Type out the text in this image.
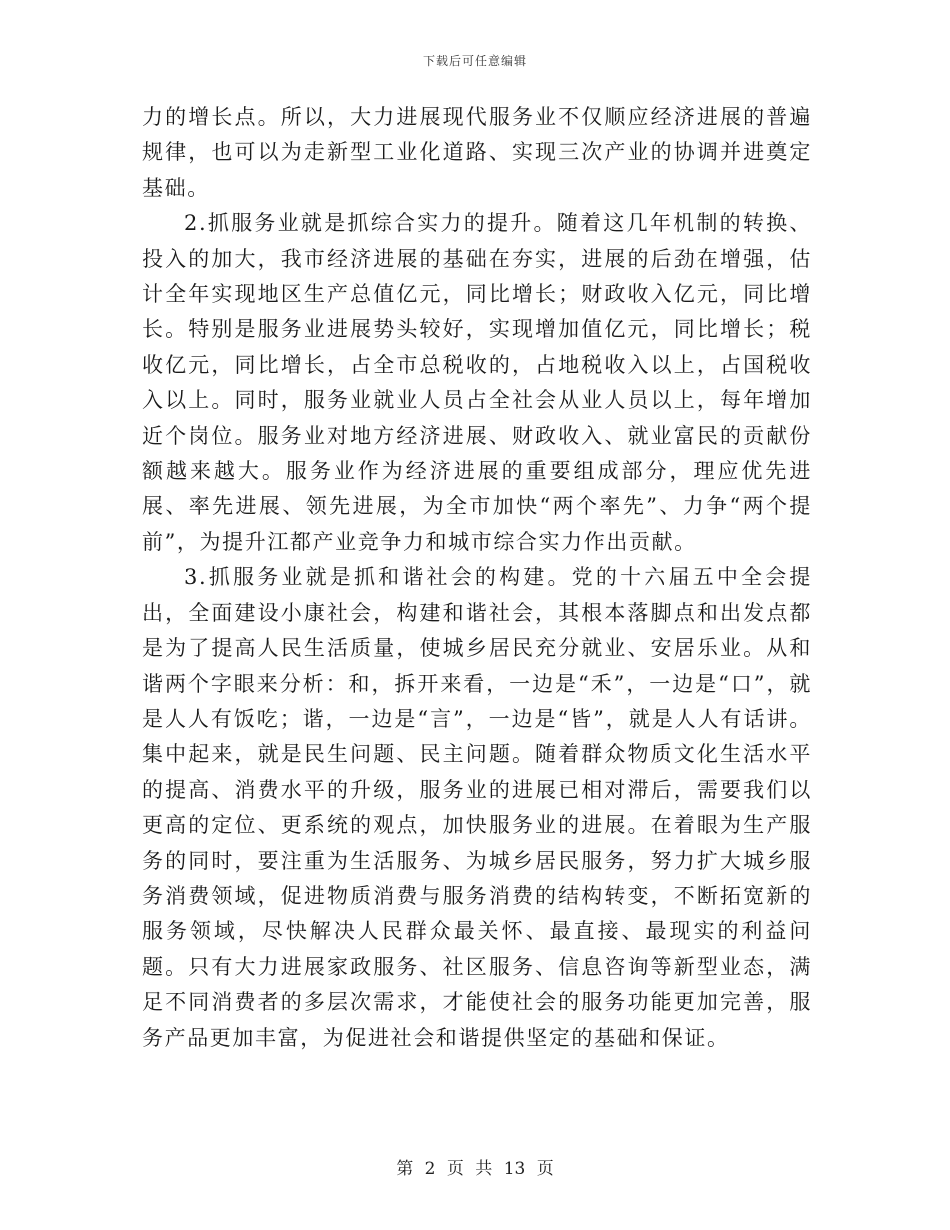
下载后可任意编辑

力的增长点。所以，大力进展现代服务业不仅顺应经济进展的普遍规律，也可以为走新型工业化道路、实现三次产业的协调并进奠定基础。

2.抓服务业就是抓综合实力的提升。随着这几年机制的转换、投入的加大，我市经济进展的基础在夯实，进展的后劲在增强，估计全年实现地区生产总值亿元，同比增长；财政收入亿元，同比增长。特别是服务业进展势头较好，实现增加值亿元，同比增长；税收亿元，同比增长，占全市总税收的，占地税收入以上，占国税收入以上。同时，服务业就业人员占全社会从业人员以上，每年增加近个岗位。服务业对地方经济进展、财政收入、就业富民的贡献份额越来越大。服务业作为经济进展的重要组成部分，理应优先进展、率先进展、领先进展，为全市加快“两个率先”、力争“两个提前”，为提升江都产业竞争力和城市综合实力作出贡献。

3.抓服务业就是抓和谐社会的构建。党的十六届五中全会提出，全面建设小康社会，构建和谐社会，其根本落脚点和出发点都是为了提高人民生活质量，使城乡居民充分就业、安居乐业。从和谐两个字眼来分析：和，拆开来看，一边是“禾”，一边是“口”，就是人人有饭吃；谐，一边是“言”，一边是“皆”，就是人人有话讲。集中起来，就是民生问题、民主问题。随着群众物质文化生活水平的提高、消费水平的升级，服务业的进展已相对滞后，需要我们以更高的定位、更系统的观点，加快服务业的进展。在着眼为生产服务的同时，要注重为生活服务、为城乡居民服务，努力扩大城乡服务消费领域，促进物质消费与服务消费的结构转变，不断拓宽新的服务领域，尽快解决人民群众最关怀、最直接、最现实的利益问题。只有大力进展家政服务、社区服务、信息咨询等新型业态，满足不同消费者的多层次需求，才能使社会的服务功能更加完善，服务产品更加丰富，为促进社会和谐提供坚定的基础和保证。

第 2 页 共 13 页
